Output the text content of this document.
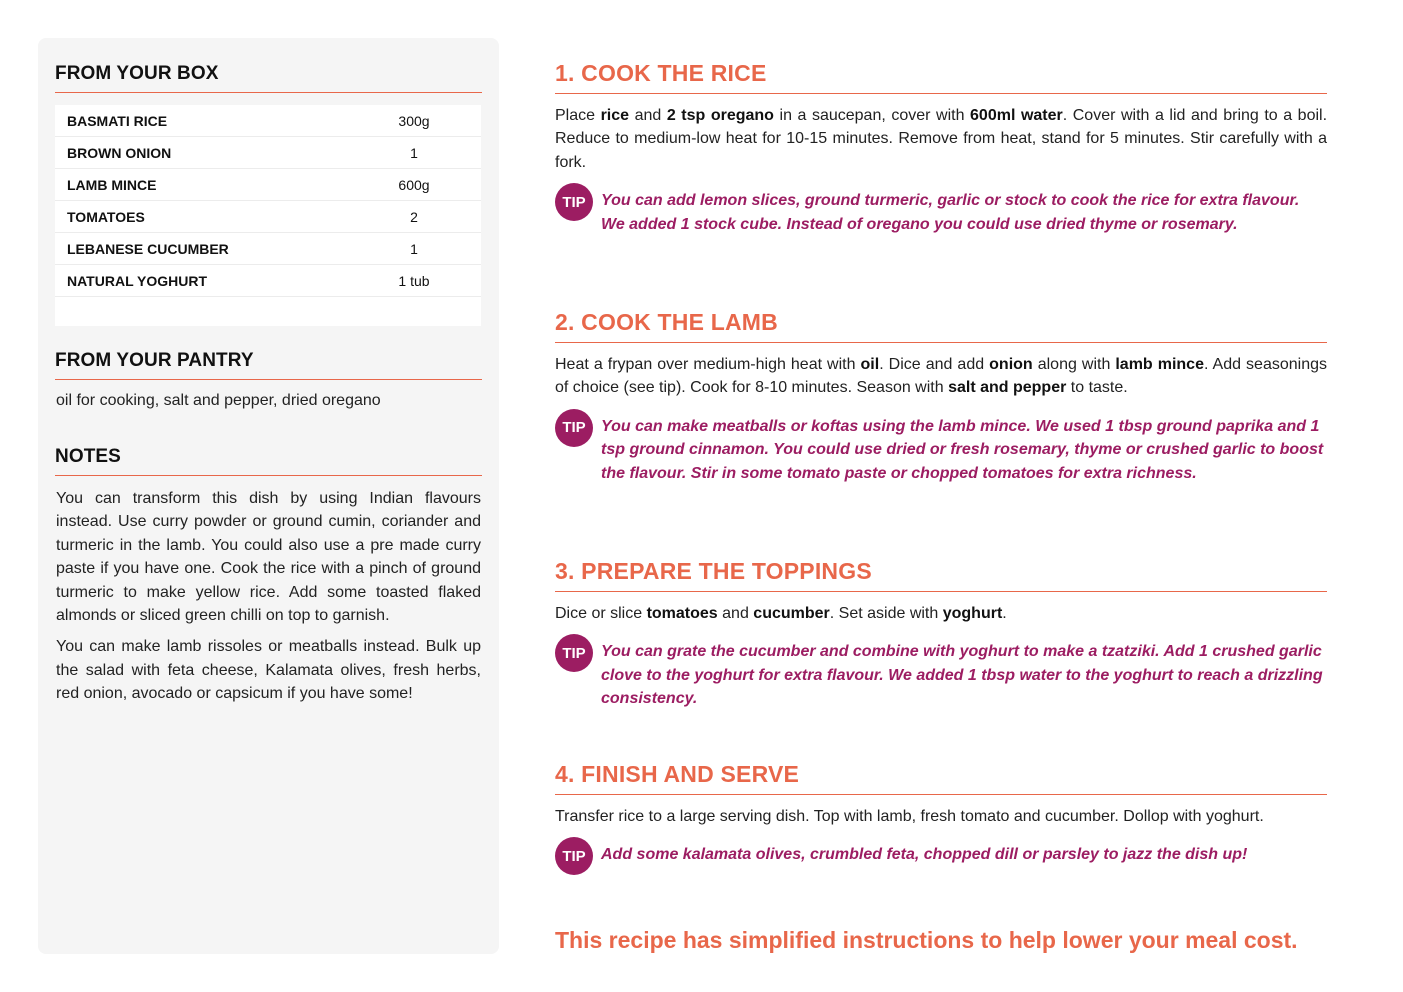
FROM YOUR BOX
BASMATI RICE	300g
BROWN ONION	1
LAMB MINCE	600g
TOMATOES	2
LEBANESE CUCUMBER	1
NATURAL YOGHURT	1 tub
FROM YOUR PANTRY
oil for cooking, salt and pepper, dried oregano
NOTES

You can transform this dish by using Indian flavours instead. Use curry powder or ground cumin, coriander and turmeric in the lamb. You could also use a pre made curry paste if you have one. Cook the rice with a pinch of ground turmeric to make yellow rice. Add some toasted flaked almonds or sliced green chilli on top to garnish.

You can make lamb rissoles or meatballs instead. Bulk up the salad with feta cheese, Kalamata olives, fresh herbs, red onion, avocado or capsicum if you have some!

1. COOK THE RICE
Place rice and 2 tsp oregano in a saucepan, cover with 600ml water. Cover with a lid and bring to a boil. Reduce to medium-low heat for 10-15 minutes. Remove from heat, stand for 5 minutes. Stir carefully with a fork.
TIP You can add lemon slices, ground turmeric, garlic or stock to cook the rice for extra flavour. We added 1 stock cube. Instead of oregano you could use dried thyme or rosemary.
2. COOK THE LAMB
Heat a frypan over medium-high heat with oil. Dice and add onion along with lamb mince. Add seasonings of choice (see tip). Cook for 8-10 minutes. Season with salt and pepper to taste.
TIP You can make meatballs or koftas using the lamb mince. We used 1 tbsp ground paprika and 1 tsp ground cinnamon. You could use dried or fresh rosemary, thyme or crushed garlic to boost the flavour. Stir in some tomato paste or chopped tomatoes for extra richness.
3. PREPARE THE TOPPINGS
Dice or slice tomatoes and cucumber. Set aside with yoghurt.
TIP You can grate the cucumber and combine with yoghurt to make a tzatziki. Add 1 crushed garlic clove to the yoghurt for extra flavour. We added 1 tbsp water to the yoghurt to reach a drizzling consistency.
4. FINISH AND SERVE
Transfer rice to a large serving dish. Top with lamb, fresh tomato and cucumber. Dollop with yoghurt.
TIP Add some kalamata olives, crumbled feta, chopped dill or parsley to jazz the dish up!
This recipe has simplified instructions to help lower your meal cost.
